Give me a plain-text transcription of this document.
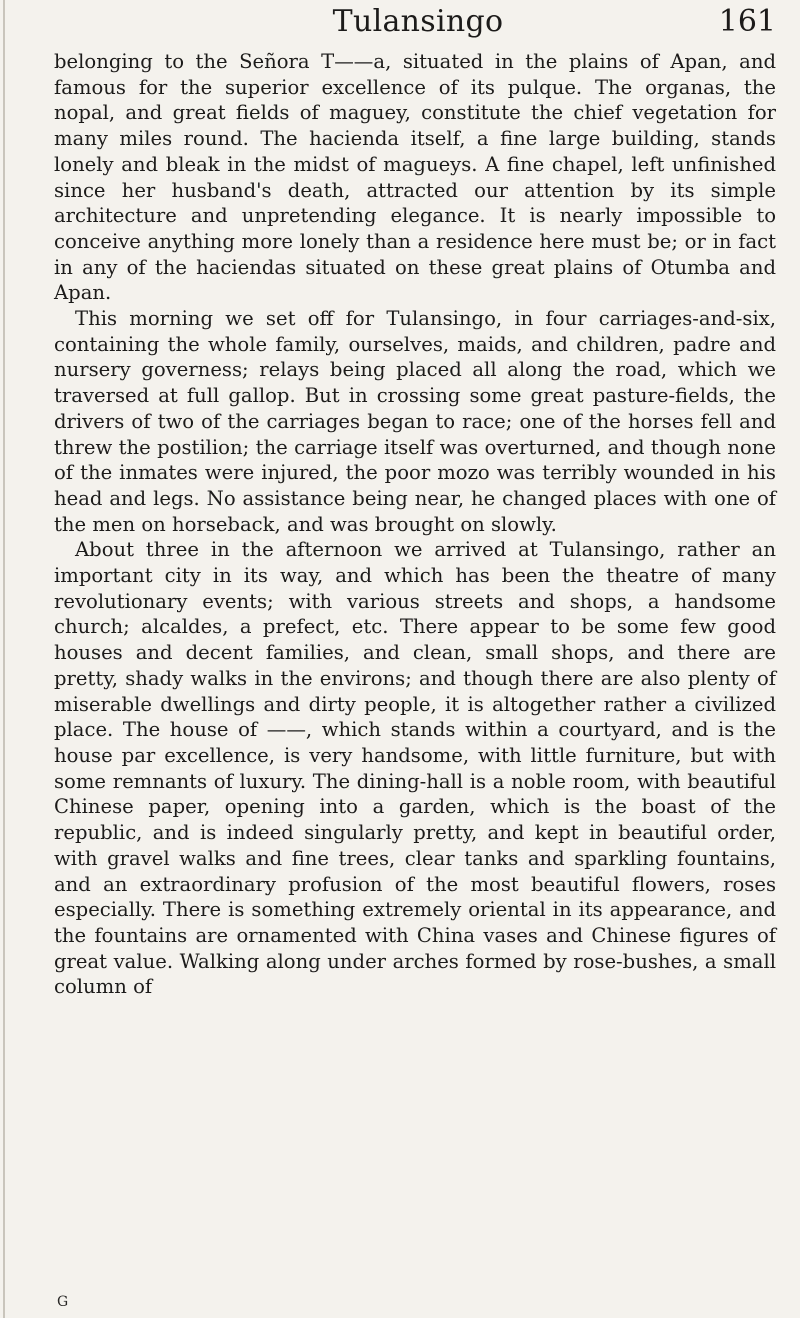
Tulansingo	161

belonging to the Señora T——a, situated in the plains of Apan, and famous for the superior excellence of its pulque. The organas, the nopal, and great fields of maguey, constitute the chief vegetation for many miles round. The hacienda itself, a fine large building, stands lonely and bleak in the midst of magueys. A fine chapel, left unfinished since her husband's death, attracted our attention by its simple architecture and unpretending elegance. It is nearly impossible to conceive anything more lonely than a residence here must be; or in fact in any of the haciendas situated on these great plains of Otumba and Apan.

This morning we set off for Tulansingo, in four carriages-and-six, containing the whole family, ourselves, maids, and children, padre and nursery governess; relays being placed all along the road, which we traversed at full gallop. But in crossing some great pasture-fields, the drivers of two of the carriages began to race; one of the horses fell and threw the postilion; the carriage itself was overturned, and though none of the inmates were injured, the poor mozo was terribly wounded in his head and legs. No assistance being near, he changed places with one of the men on horseback, and was brought on slowly.

About three in the afternoon we arrived at Tulansingo, rather an important city in its way, and which has been the theatre of many revolutionary events; with various streets and shops, a handsome church; alcaldes, a prefect, etc. There appear to be some few good houses and decent families, and clean, small shops, and there are pretty, shady walks in the environs; and though there are also plenty of miserable dwellings and dirty people, it is altogether rather a civilized place. The house of ——, which stands within a courtyard, and is the house par excellence, is very handsome, with little furniture, but with some remnants of luxury. The dining-hall is a noble room, with beautiful Chinese paper, opening into a garden, which is the boast of the republic, and is indeed singularly pretty, and kept in beautiful order, with gravel walks and fine trees, clear tanks and sparkling fountains, and an extraordinary profusion of the most beautiful flowers, roses especially. There is something extremely oriental in its appearance, and the fountains are ornamented with China vases and Chinese figures of great value. Walking along under arches formed by rose-bushes, a small column of

G
